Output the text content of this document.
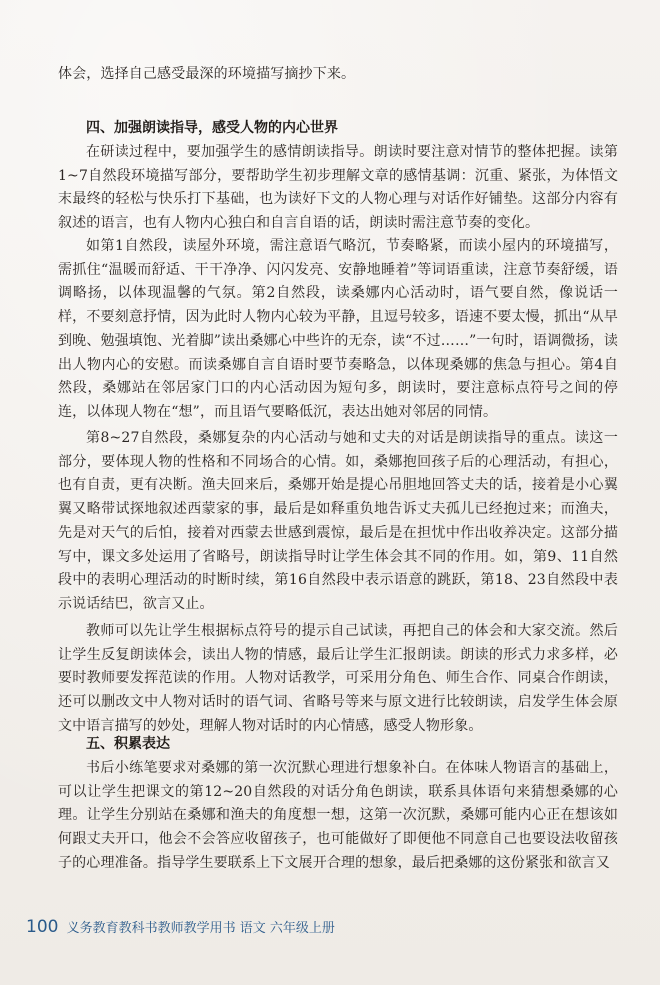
体会，选择自己感受最深的环境描写摘抄下来。

四、加强朗读指导，感受人物的内心世界

在研读过程中，要加强学生的感情朗读指导。朗读时要注意对情节的整体把握。读第1~7自然段环境描写部分，要帮助学生初步理解文章的感情基调：沉重、紧张，为体悟文末最终的轻松与快乐打下基础，也为读好下文的人物心理与对话作好铺垫。这部分内容有叙述的语言，也有人物内心独白和自言自语的话，朗读时需注意节奏的变化。

如第1自然段，读屋外环境，需注意语气略沉，节奏略紧，而读小屋内的环境描写，需抓住“温暖而舒适、干干净净、闪闪发亮、安静地睡着”等词语重读，注意节奏舒缓，语调略扬，以体现温馨的气氛。第2自然段，读桑娜内心活动时，语气要自然，像说话一样，不要刻意抒情，因为此时人物内心较为平静，且逗号较多，语速不要太慢，抓出“从早到晚、勉强填饱、光着脚”读出桑娜心中些许的无奈，读“不过……”一句时，语调微扬，读出人物内心的安慰。而读桑娜自言自语时要节奏略急，以体现桑娜的焦急与担心。第4自然段，桑娜站在邻居家门口的内心活动因为短句多，朗读时，要注意标点符号之间的停连，以体现人物在“想”，而且语气要略低沉，表达出她对邻居的同情。

第8~27自然段，桑娜复杂的内心活动与她和丈夫的对话是朗读指导的重点。读这一部分，要体现人物的性格和不同场合的心情。如，桑娜抱回孩子后的心理活动，有担心，也有自责，更有决断。渔夫回来后，桑娜开始是提心吊胆地回答丈夫的话，接着是小心翼翼又略带试探地叙述西蒙家的事，最后是如释重负地告诉丈夫孤儿已经抱过来；而渔夫，先是对天气的后怕，接着对西蒙去世感到震惊，最后是在担忧中作出收养决定。这部分描写中，课文多处运用了省略号，朗读指导时让学生体会其不同的作用。如，第9、11自然段中的表明心理活动的时断时续，第16自然段中表示语意的跳跃，第18、23自然段中表示说话结巴，欲言又止。

教师可以先让学生根据标点符号的提示自己试读，再把自己的体会和大家交流。然后让学生反复朗读体会，读出人物的情感，最后让学生汇报朗读。朗读的形式力求多样，必要时教师要发挥范读的作用。人物对话教学，可采用分角色、师生合作、同桌合作朗读，还可以删改文中人物对话时的语气词、省略号等来与原文进行比较朗读，启发学生体会原文中语言描写的妙处，理解人物对话时的内心情感，感受人物形象。

五、积累表达

书后小练笔要求对桑娜的第一次沉默心理进行想象补白。在体味人物语言的基础上，可以让学生把课文的第12~20自然段的对话分角色朗读，联系具体语句来猜想桑娜的心理。让学生分别站在桑娜和渔夫的角度想一想，这第一次沉默，桑娜可能内心正在想该如何跟丈夫开口，他会不会答应收留孩子，也可能做好了即便他不同意自己也要设法收留孩子的心理准备。指导学生要联系上下文展开合理的想象，最后把桑娜的这份紧张和欲言又

100 义务教育教科书教师教学用书 语文 六年级上册
